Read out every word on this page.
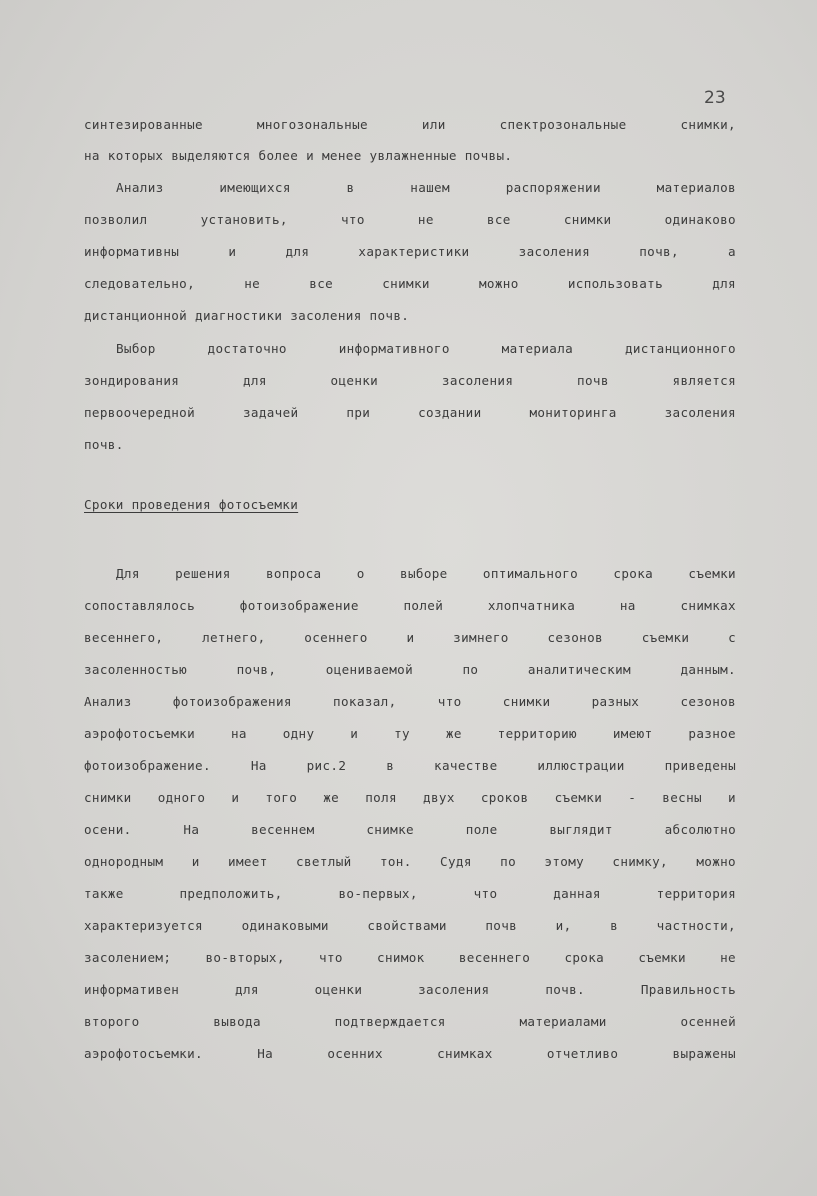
23
синтезированные многозональные или спектрозональные снимки,
на которых выделяются более и менее увлажненные почвы.
Анализ имеющихся в нашем распоряжении материалов
позволил установить, что не все снимки одинаково
информативны и для характеристики засоления почв, а
следовательно, не все снимки можно использовать для
дистанционной диагностики засоления почв.
Выбор достаточно информативного материала дистанционного
зондирования для оценки засоления почв является
первоочередной задачей при создании мониторинга засоления
почв.
Сроки проведения фотосъемки
Для решения вопроса о выборе оптимального срока съемки
сопоставлялось фотоизображение полей хлопчатника на снимках
весеннего, летнего, осеннего и зимнего сезонов съемки с
засоленностью почв, оцениваемой по аналитическим данным.
Анализ фотоизображения показал, что снимки разных сезонов
аэрофотосъемки на одну и ту же территорию имеют разное
фотоизображение. На рис.2 в качестве иллюстрации приведены
снимки одного и того же поля двух сроков съемки - весны и
осени. На весеннем снимке поле выглядит абсолютно
однородным и имеет светлый тон. Судя по этому снимку, можно
также предположить, во-первых, что данная территория
характеризуется одинаковыми свойствами почв и, в частности,
засолением; во-вторых, что снимок весеннего срока съемки не
информативен для оценки засоления почв. Правильность
второго вывода подтверждается материалами осенней
аэрофотосъемки. На осенних снимках отчетливо выражены
